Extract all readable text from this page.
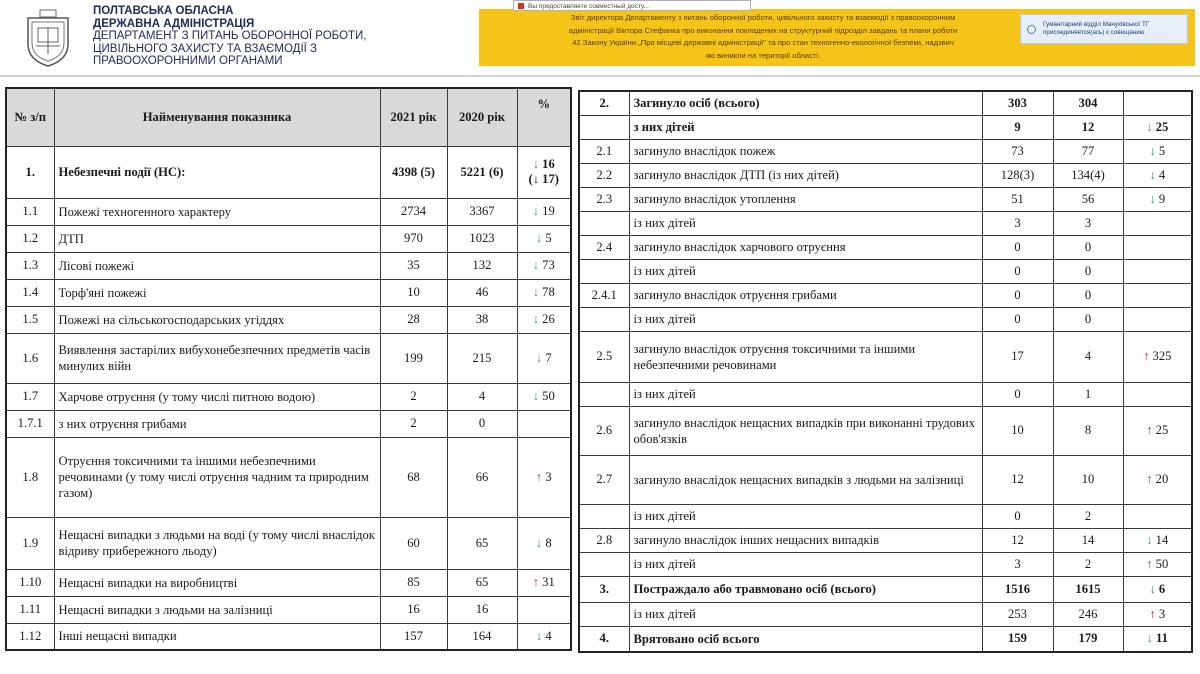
ПОЛТАВСЬКА ОБЛАСНА
ДЕРЖАВНА АДМІНІСТРАЦІЯ
ДЕПАРТАМЕНТ З ПИТАНЬ ОБОРОННОЇ РОБОТИ,
ЦИВІЛЬНОГО ЗАХИСТУ ТА ВЗАЄМОДІЇ З
ПРАВООХОРОННИМИ ОРГАНАМИ
Звіт директора Департаменту з питань оборонної роботи, цивільного захисту та взаємодії з правоохоронним
адміністрації Віктора Стефанка про виконання покладених на структурний підрозділ завдань та плани роботи
42 Закону України „Про місцеві державні адміністрації" та про стан техногенно-екологічної безпеки, надзвич
які виникли на території області.
Вы предоставляете совместный досту...
Гуманітарний відділ Мачухівської ТГ присоединяется(ась) к совещанию
№ з/п	Найменування показника	2021 рік	2020 рік	%
1.	Небезпечні події (НС):	4398 (5)	5221 (6)	↓ 16
(↓ 17)
1.1	Пожежі техногенного характеру	2734	3367	↓ 19
1.2	ДТП	970	1023	↓ 5
1.3	Лісові пожежі	35	132	↓ 73
1.4	Торф'яні пожежі	10	46	↓ 78
1.5	Пожежі на сільськогосподарських угіддях	28	38	↓ 26
1.6	Виявлення застарілих вибухонебезпечних предметів часів минулих війн	199	215	↓ 7
1.7	Харчове отруєння (у тому числі питною водою)	2	4	↓ 50
1.7.1	з них отруєння грибами	2	0	
1.8	Отруєння токсичними та іншими небезпечними речовинами (у тому числі отруєння чадним та природним газом)	68	66	↑ 3
1.9	Нещасні випадки з людьми на воді (у тому числі внаслідок відриву прибережного льоду)	60	65	↓ 8
1.10	Нещасні випадки на виробництві	85	65	↑ 31
1.11	Нещасні випадки з людьми на залізниці	16	16	
1.12	Інші нещасні випадки	157	164	↓ 4
2.	Загинуло осіб (всього)	303	304	
	з них дітей	9	12	↓ 25
2.1	загинуло внаслідок пожеж	73	77	↓ 5
2.2	загинуло внаслідок ДТП (із них дітей)	128(3)	134(4)	↓ 4
2.3	загинуло внаслідок утоплення	51	56	↓ 9
	із них дітей	3	3	
2.4	загинуло внаслідок харчового отруєння	0	0	
	із них дітей	0	0	
2.4.1	загинуло внаслідок отруєння грибами	0	0	
	із них дітей	0	0	
2.5	загинуло внаслідок отруєння токсичними та іншими небезпечними речовинами	17	4	↑ 325
	із них дітей	0	1	
2.6	загинуло внаслідок нещасних випадків при виконанні трудових обов'язків	10	8	↑ 25
2.7	загинуло внаслідок нещасних випадків з людьми на залізниці	12	10	↑ 20
	із них дітей	0	2	
2.8	загинуло внаслідок інших нещасних випадків	12	14	↓ 14
	із них дітей	3	2	↑ 50
3.	Постраждало або травмовано осіб (всього)	1516	1615	↓ 6
	із них дітей	253	246	↑ 3
4.	Врятовано осіб всього	159	179	↓ 11
